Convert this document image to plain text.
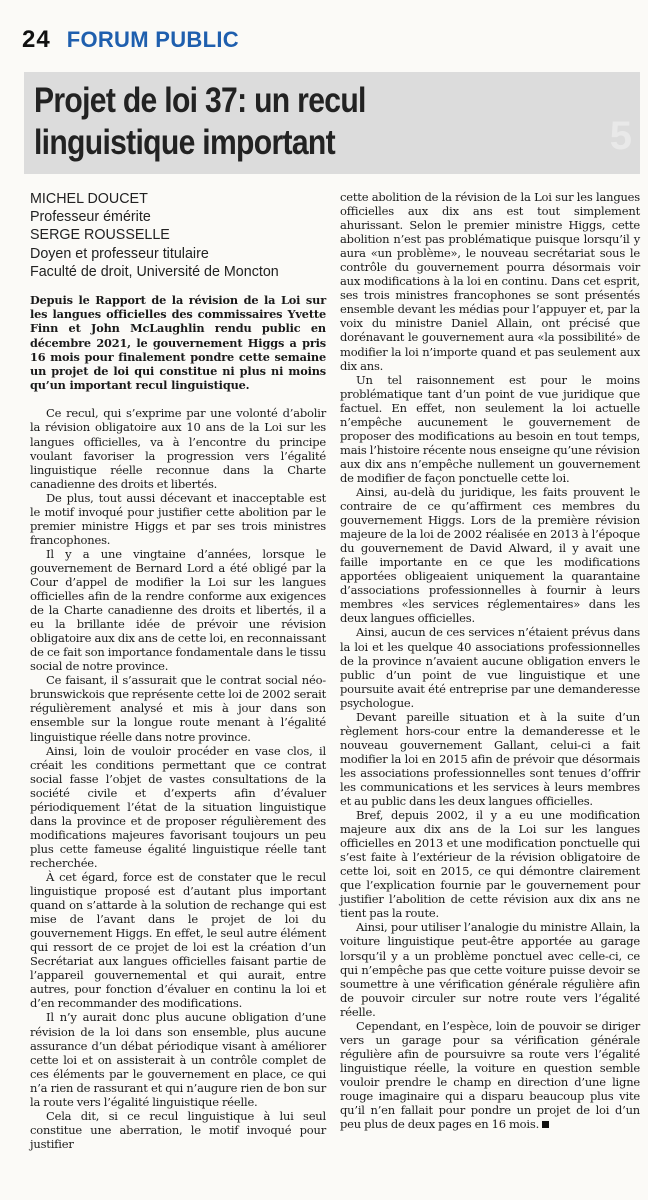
24 FORUM PUBLIC
5
Projet de loi 37: un recul
linguistique important
MICHEL DOUCET
Professeur émérite
SERGE ROUSSELLE
Doyen et professeur titulaire
Faculté de droit, Université de Moncton

Depuis le Rapport de la révision de la Loi sur les langues officielles des commissaires Yvette Finn et John McLaughlin rendu public en décembre 2021, le gouvernement Higgs a pris 16 mois pour finalement pondre cette semaine un projet de loi qui constitue ni plus ni moins qu’un important recul linguistique.

Ce recul, qui s’exprime par une volonté d’abolir la révision obligatoire aux 10 ans de la Loi sur les langues officielles, va à l’encontre du principe voulant favoriser la progression vers l’égalité linguistique réelle reconnue dans la Charte canadienne des droits et libertés.

De plus, tout aussi décevant et inacceptable est le motif invoqué pour justifier cette abolition par le premier ministre Higgs et par ses trois ministres francophones.

Il y a une vingtaine d’années, lorsque le gouvernement de Bernard Lord a été obligé par la Cour d’appel de modifier la Loi sur les langues officielles afin de la rendre conforme aux exigences de la Charte canadienne des droits et libertés, il a eu la brillante idée de prévoir une révision obligatoire aux dix ans de cette loi, en reconnaissant de ce fait son importance fondamentale dans le tissu social de notre province.

Ce faisant, il s’assurait que le contrat social néo-brunswickois que représente cette loi de 2002 serait régulièrement analysé et mis à jour dans son ensemble sur la longue route menant à l’égalité linguistique réelle dans notre province.

Ainsi, loin de vouloir procéder en vase clos, il créait les conditions permettant que ce contrat social fasse l’objet de vastes consultations de la société civile et d’experts afin d’évaluer périodiquement l’état de la situation linguistique dans la province et de proposer régulièrement des modifications majeures favorisant toujours un peu plus cette fameuse égalité linguistique réelle tant recherchée.

À cet égard, force est de constater que le recul linguistique proposé est d’autant plus important quand on s’attarde à la solution de rechange qui est mise de l’avant dans le projet de loi du gouvernement Higgs. En effet, le seul autre élément qui ressort de ce projet de loi est la création d’un Secrétariat aux langues officielles faisant partie de l’appareil gouvernemental et qui aurait, entre autres, pour fonction d’évaluer en continu la loi et d’en recommander des modifications.

Il n’y aurait donc plus aucune obligation d’une révision de la loi dans son ensemble, plus aucune assurance d’un débat périodique visant à améliorer cette loi et on assisterait à un contrôle complet de ces éléments par le gouvernement en place, ce qui n’a rien de rassurant et qui n’augure rien de bon sur la route vers l’égalité linguistique réelle.

Cela dit, si ce recul linguistique à lui seul constitue une aberration, le motif invoqué pour justifier

cette abolition de la révision de la Loi sur les langues officielles aux dix ans est tout simplement ahurissant. Selon le premier ministre Higgs, cette abolition n’est pas problématique puisque lorsqu’il y aura «un problème», le nouveau secrétariat sous le contrôle du gouvernement pourra désormais voir aux modifications à la loi en continu. Dans cet esprit, ses trois ministres francophones se sont présentés ensemble devant les médias pour l’appuyer et, par la voix du ministre Daniel Allain, ont précisé que dorénavant le gouvernement aura «la possibilité» de modifier la loi n’importe quand et pas seulement aux dix ans.

Un tel raisonnement est pour le moins problématique tant d’un point de vue juridique que factuel. En effet, non seulement la loi actuelle n’empêche aucunement le gouvernement de proposer des modifications au besoin en tout temps, mais l’histoire récente nous enseigne qu’une révision aux dix ans n’empêche nullement un gouvernement de modifier de façon ponctuelle cette loi.

Ainsi, au-delà du juridique, les faits prouvent le contraire de ce qu’affirment ces membres du gouvernement Higgs. Lors de la première révision majeure de la loi de 2002 réalisée en 2013 à l’époque du gouvernement de David Alward, il y avait une faille importante en ce que les modifications apportées obligeaient uniquement la quarantaine d’associations professionnelles à fournir à leurs membres «les services réglementaires» dans les deux langues officielles.

Ainsi, aucun de ces services n’étaient prévus dans la loi et les quelque 40 associations professionnelles de la province n’avaient aucune obligation envers le public d’un point de vue linguistique et une poursuite avait été entreprise par une demanderesse psychologue.

Devant pareille situation et à la suite d’un règlement hors-cour entre la demanderesse et le nouveau gouvernement Gallant, celui-ci a fait modifier la loi en 2015 afin de prévoir que désormais les associations professionnelles sont tenues d’offrir les communications et les services à leurs membres et au public dans les deux langues officielles.

Bref, depuis 2002, il y a eu une modification majeure aux dix ans de la Loi sur les langues officielles en 2013 et une modification ponctuelle qui s’est faite à l’extérieur de la révision obligatoire de cette loi, soit en 2015, ce qui démontre clairement que l’explication fournie par le gouvernement pour justifier l’abolition de cette révision aux dix ans ne tient pas la route.

Ainsi, pour utiliser l’analogie du ministre Allain, la voiture linguistique peut-être apportée au garage lorsqu’il y a un problème ponctuel avec celle-ci, ce qui n’empêche pas que cette voiture puisse devoir se soumettre à une vérification générale régulière afin de pouvoir circuler sur notre route vers l’égalité réelle.

Cependant, en l’espèce, loin de pouvoir se diriger vers un garage pour sa vérification générale régulière afin de poursuivre sa route vers l’égalité linguistique réelle, la voiture en question semble vouloir prendre le champ en direction d’une ligne rouge imaginaire qui a disparu beaucoup plus vite qu’il n’en fallait pour pondre un projet de loi d’un peu plus de deux pages en 16 mois.
